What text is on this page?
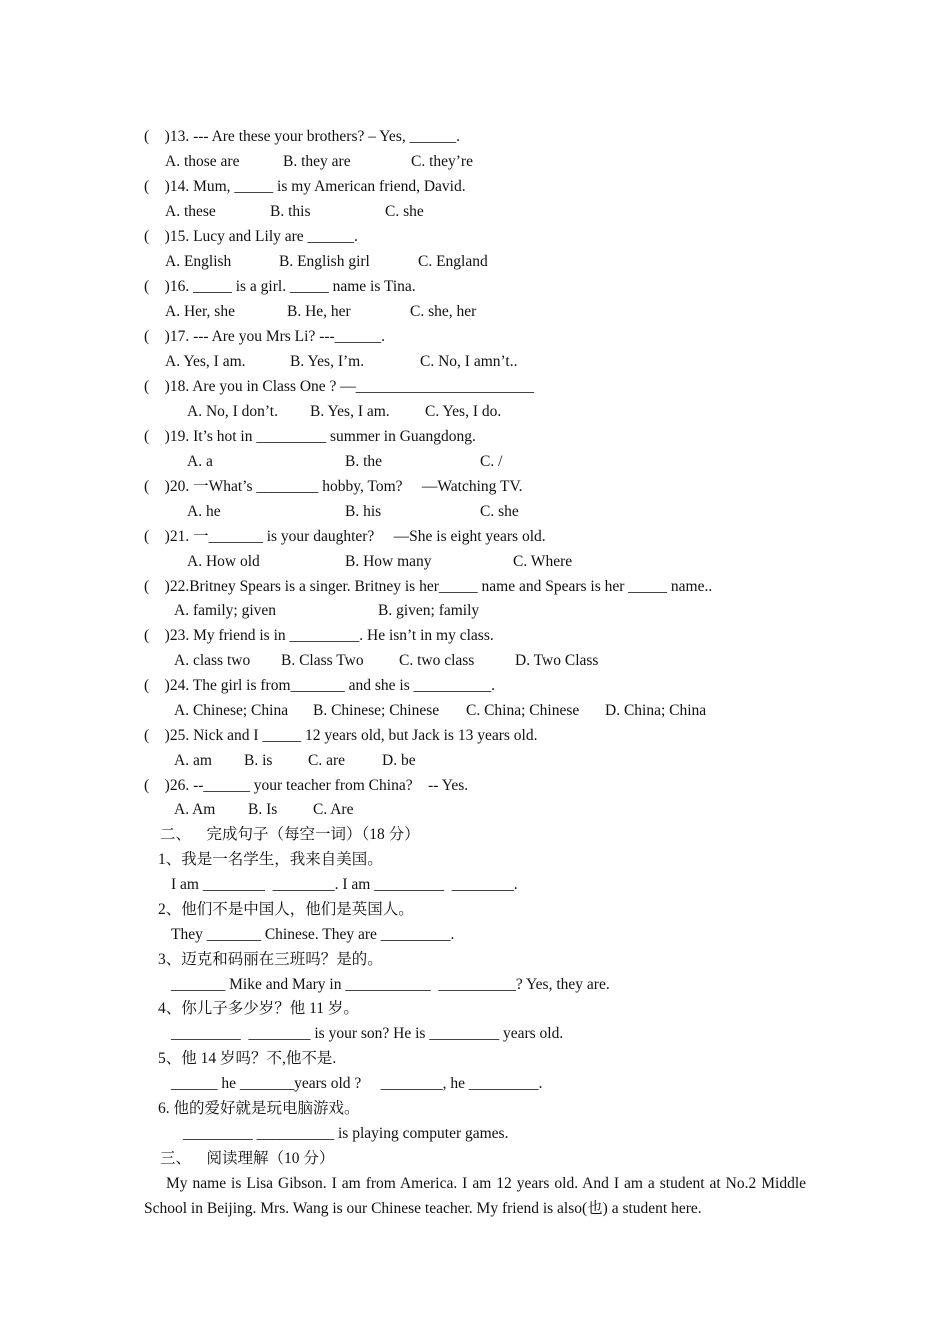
(    )13. --- Are these your brothers? – Yes, ______.
A. those are	B. they are	C. they’re
(    )14. Mum, _____ is my American friend, David.
A. these	B. this	C. she
(    )15. Lucy and Lily are ______.
A. English	B. English girl	C. England
(    )16. _____ is a girl. _____ name is Tina.
A. Her, she	B. He, her	C. she, her
(    )17. --- Are you Mrs Li? ---______.
A. Yes, I am.	B. Yes, I’m.	C. No, I amn’t..
(    )18. Are you in Class One ? —_______________________
A. No, I don’t. B. Yes, I am. C. Yes, I do.
(    )19. It’s hot in _________ summer in Guangdong.
A. a	B. the	C. /
(    )20. 一What’s ________ hobby, Tom?     —Watching TV.
A. he	B. his	C. she
(    )21. 一_______ is your daughter?     —She is eight years old.
A. How old	B. How many	C. Where
(    )22.Britney Spears is a singer. Britney is her_____ name and Spears is her _____ name..
A. family; given	B. given; family
(    )23. My friend is in _________. He isn’t in my class.
A. class two B. Class Two C. two class	D. Two Class
(    )24. The girl is from_______ and she is __________.
A. Chinese; China B. Chinese; Chinese C. China; Chinese D. China; China
(    )25. Nick and I _____ 12 years old, but Jack is 13 years old.
A. am B. is C. are D. be
(    )26. --______ your teacher from China?    -- Yes.
A. Am B. Is C. Are
二、    完成句子（每空一词）（18 分）
1、我是一名学生，我来自美国。
I am ________  ________. I am _________  ________.
2、他们不是中国人，他们是英国人。
They _______ Chinese. They are _________.
3、迈克和码丽在三班吗？是的。
_______ Mike and Mary in ___________  __________? Yes, they are.
4、你儿子多少岁？他 11 岁。
_________  ________ is your son? He is _________ years old.
5、他 14 岁吗？不,他不是.
______ he _______years old ?     ________, he _________.
6. 他的爱好就是玩电脑游戏。
_________ __________ is playing computer games.
三、    阅读理解（10 分）
My name is Lisa Gibson. I am from America. I am 12 years old. And I am a student at No.2 Middle School in Beijing. Mrs. Wang is our Chinese teacher. My friend is also(也) a student here.
